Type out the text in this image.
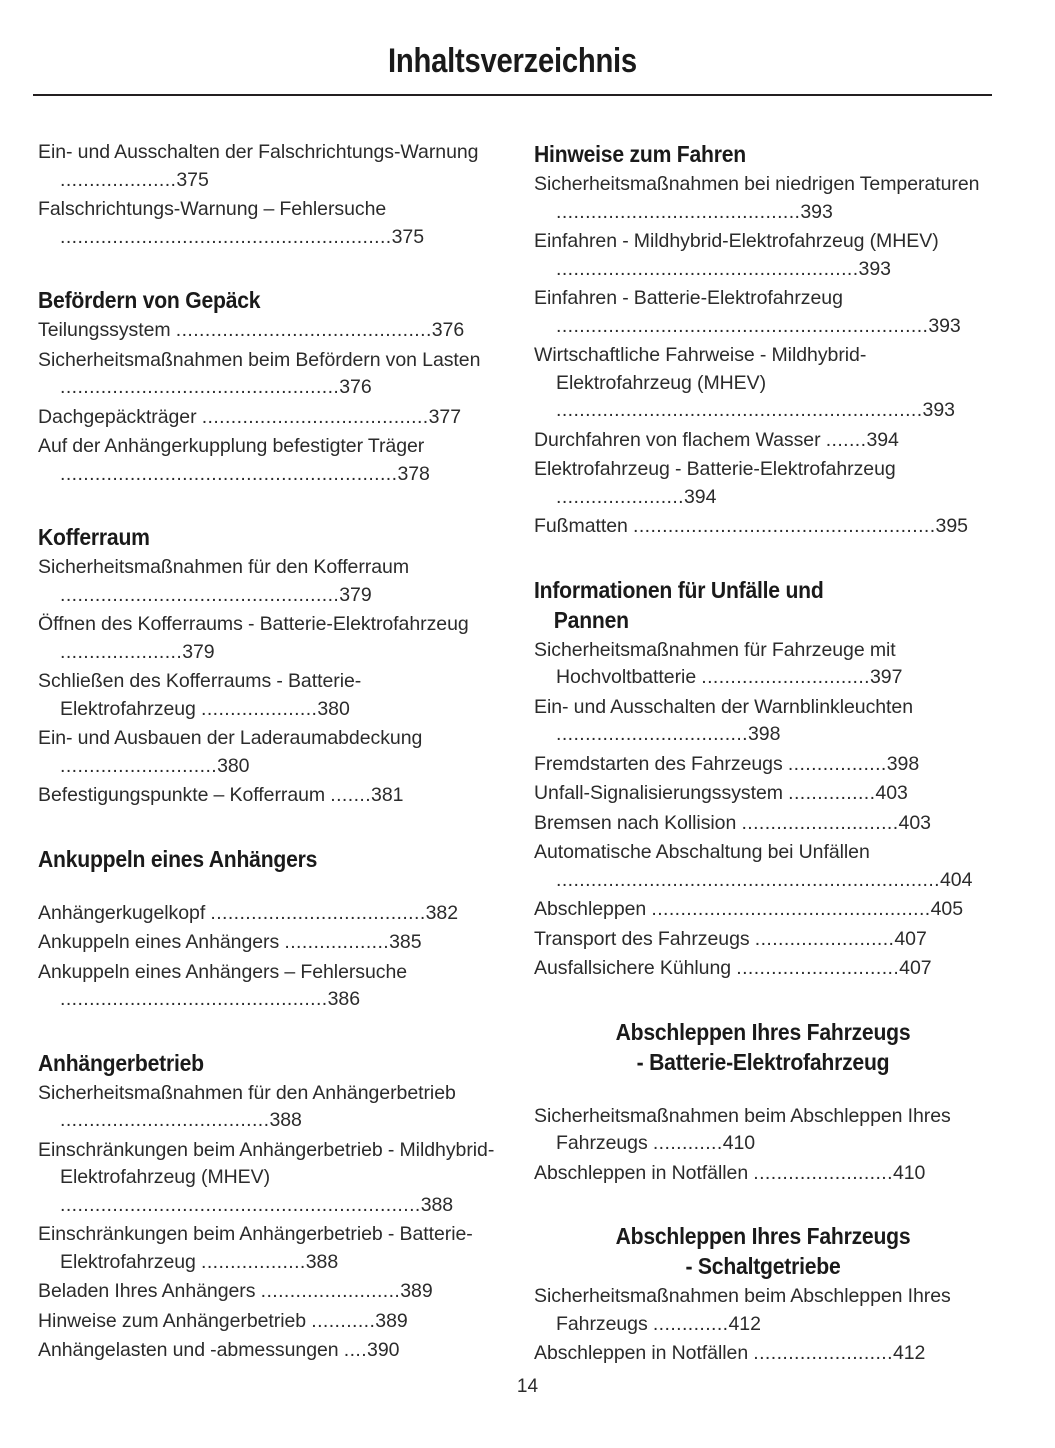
Inhaltsverzeichnis

Ein- und Ausschalten der Falschrichtungs-Warnung ....................375

Falschrichtungs-Warnung – Fehlersuche .........................................................375

Befördern von Gepäck

Teilungssystem ............................................376

Sicherheitsmaßnahmen beim Befördern von Lasten ................................................376

Dachgepäckträger .......................................377

Auf der Anhängerkupplung befestigter Träger ..........................................................378

Kofferraum

Sicherheitsmaßnahmen für den Kofferraum ................................................379

Öffnen des Kofferraums - Batterie-Elektrofahrzeug .....................379

Schließen des Kofferraums - Batterie-Elektrofahrzeug ....................380

Ein- und Ausbauen der Laderaumabdeckung ...........................380

Befestigungspunkte – Kofferraum .......381

Ankuppeln eines Anhängers

Anhängerkugelkopf .....................................382

Ankuppeln eines Anhängers ..................385

Ankuppeln eines Anhängers – Fehlersuche ..............................................386

Anhängerbetrieb

Sicherheitsmaßnahmen für den Anhängerbetrieb ....................................388

Einschränkungen beim Anhängerbetrieb - Mildhybrid-Elektrofahrzeug (MHEV) ..............................................................388

Einschränkungen beim Anhängerbetrieb - Batterie-Elektrofahrzeug ..................388

Beladen Ihres Anhängers ........................389

Hinweise zum Anhängerbetrieb ...........389

Anhängelasten und -abmessungen ....390

Hinweise zum Fahren

Sicherheitsmaßnahmen bei niedrigen Temperaturen ..........................................393

Einfahren - Mildhybrid-Elektrofahrzeug (MHEV) ....................................................393

Einfahren - Batterie-Elektrofahrzeug ................................................................393

Wirtschaftliche Fahrweise - Mildhybrid-Elektrofahrzeug (MHEV) ...............................................................393

Durchfahren von flachem Wasser .......394

Elektrofahrzeug - Batterie-Elektrofahrzeug ......................394

Fußmatten ....................................................395

Informationen für Unfälle und
Pannen

Sicherheitsmaßnahmen für Fahrzeuge mit Hochvoltbatterie .............................397

Ein- und Ausschalten der Warnblinkleuchten .................................398

Fremdstarten des Fahrzeugs .................398

Unfall-Signalisierungssystem ...............403

Bremsen nach Kollision ...........................403

Automatische Abschaltung bei Unfällen ..................................................................404

Abschleppen ................................................405

Transport des Fahrzeugs ........................407

Ausfallsichere Kühlung ............................407

Abschleppen Ihres Fahrzeugs
- Batterie-Elektrofahrzeug

Sicherheitsmaßnahmen beim Abschleppen Ihres Fahrzeugs ............410

Abschleppen in Notfällen ........................410

Abschleppen Ihres Fahrzeugs
- Schaltgetriebe

Sicherheitsmaßnahmen beim Abschleppen Ihres Fahrzeugs .............412

Abschleppen in Notfällen ........................412

14
